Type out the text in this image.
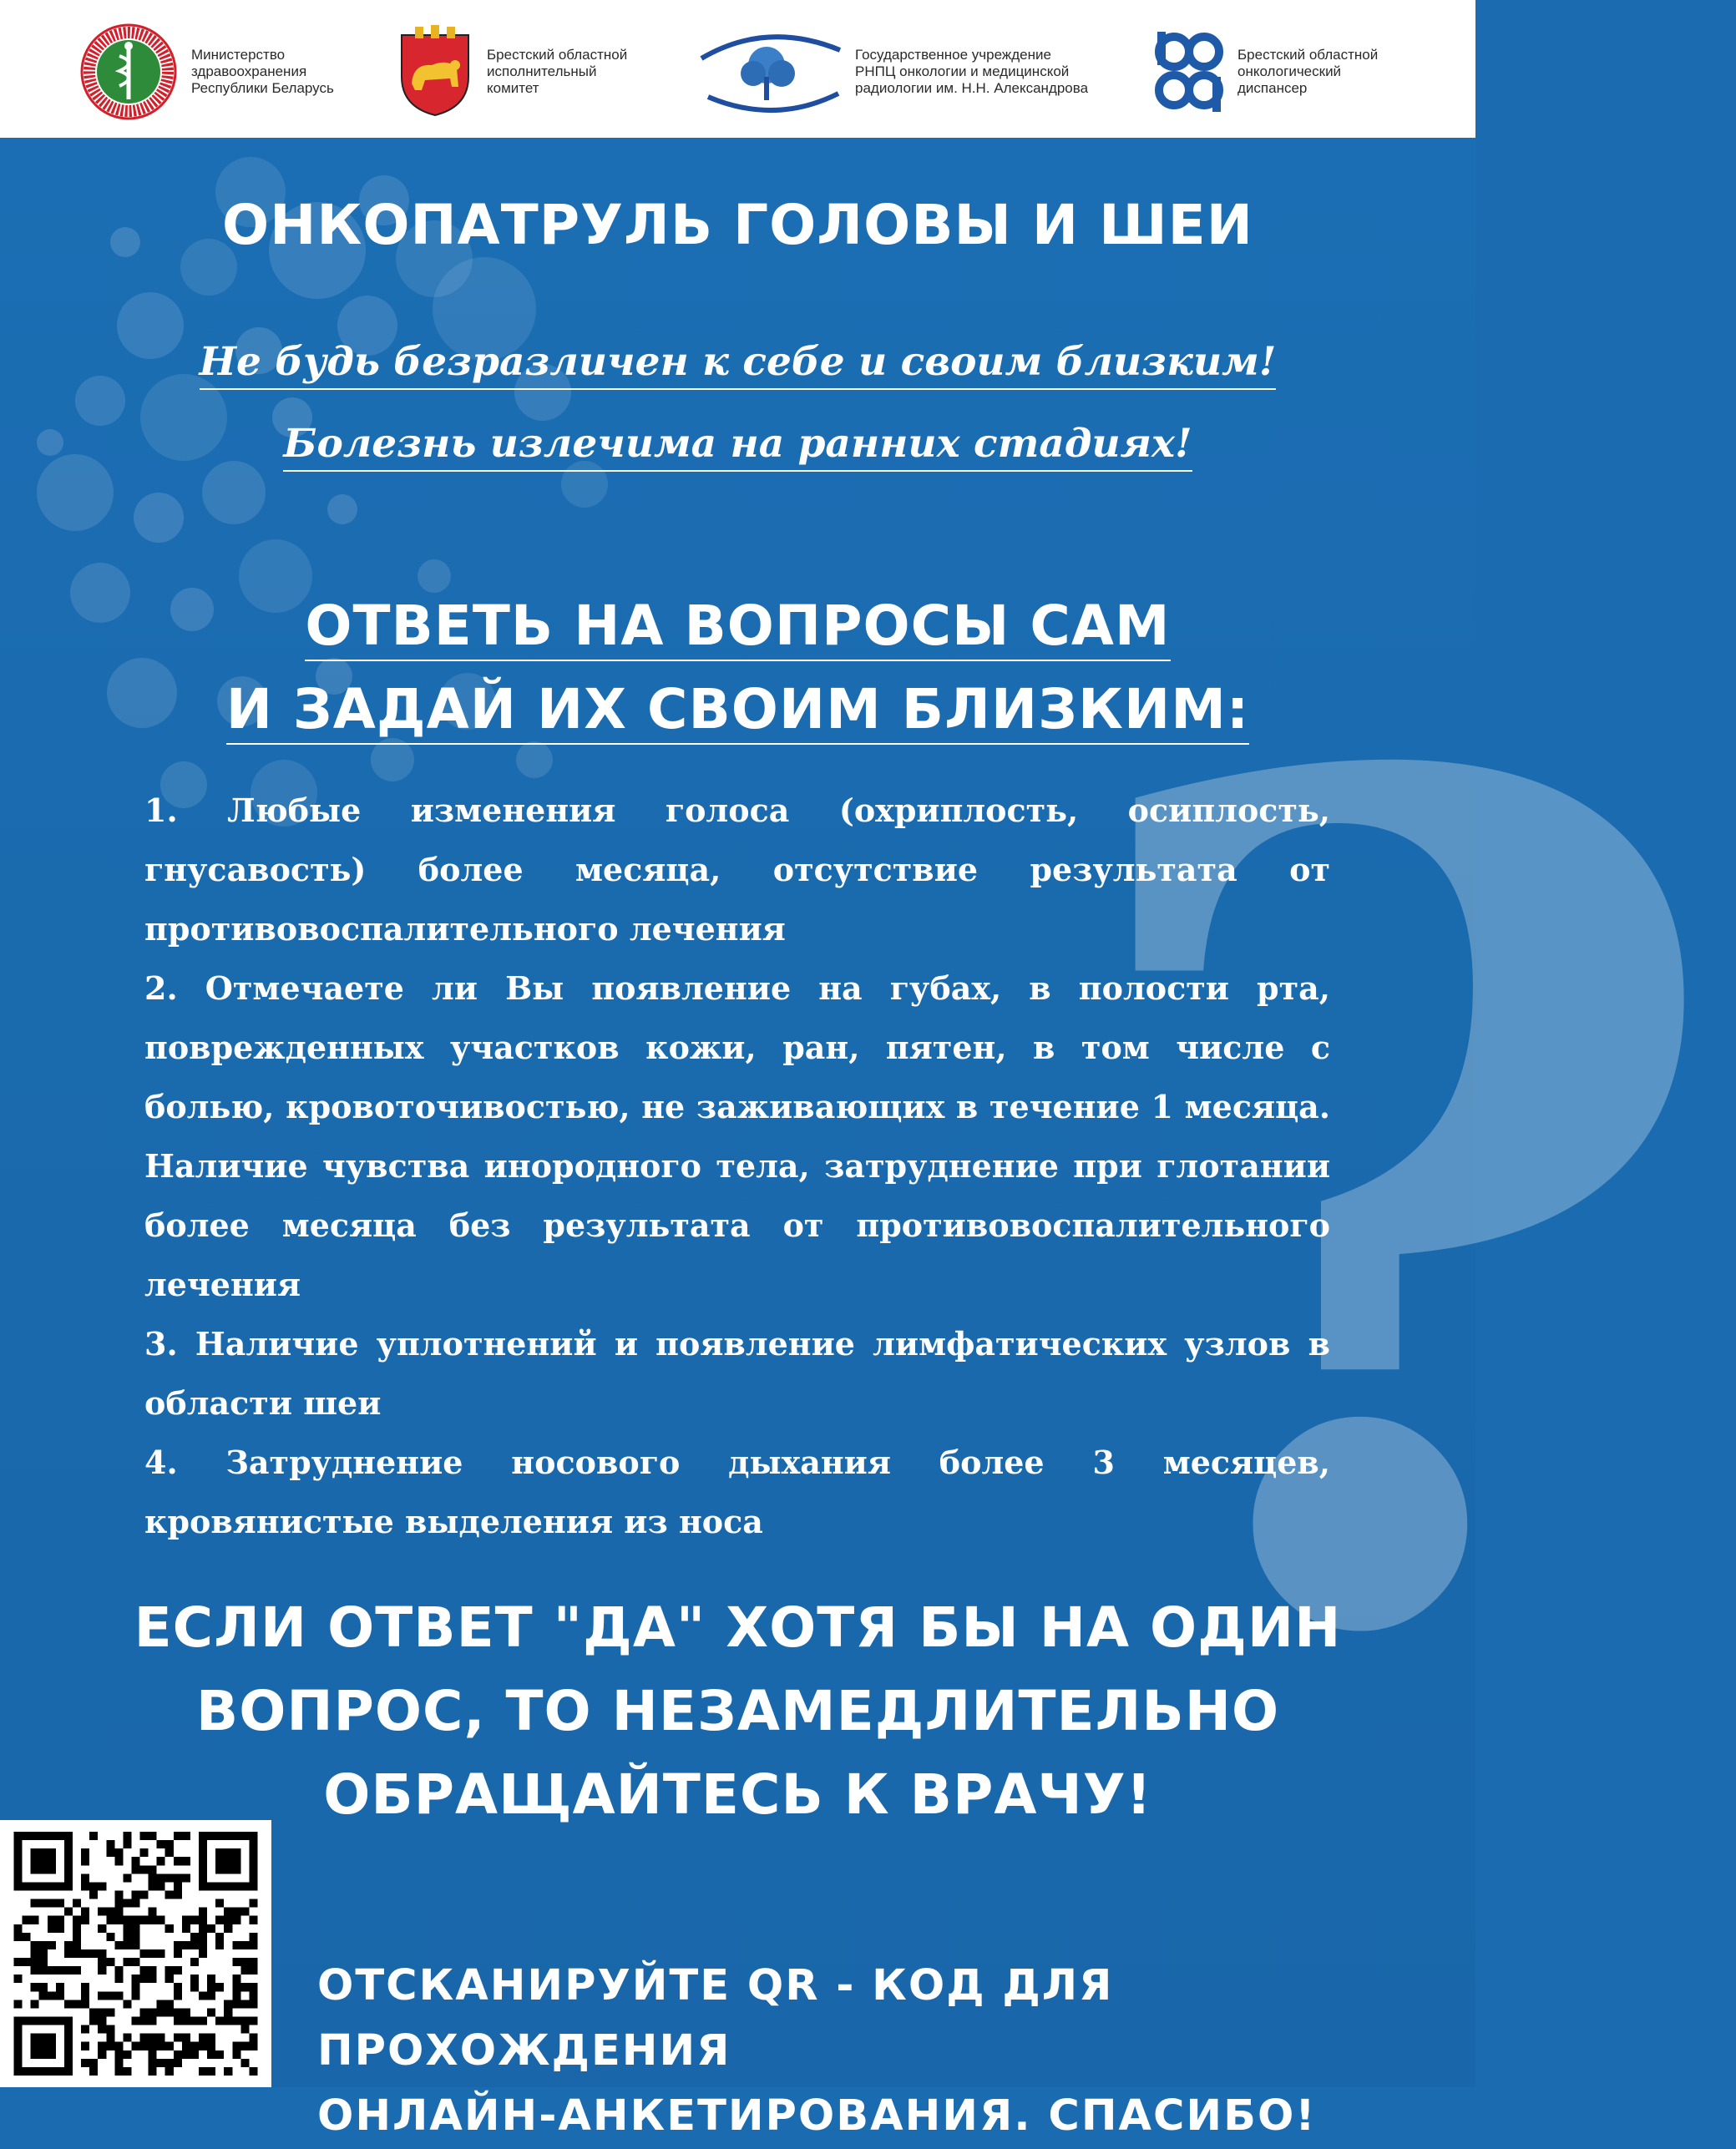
Министерство
здравоохранения
Республики Беларусь
Брестский областной
исполнительный
комитет
Государственное учреждение
РНПЦ онкологии и медицинской
радиологии им. Н.Н. Александрова
Брестский областной
онкологический
диспансер
?
ОНКОПАТРУЛЬ ГОЛОВЫ И ШЕИ
Не будь безразличен к себе и своим близким!
Болезнь излечима на ранних стадиях!
ОТВЕТЬ НА ВОПРОСЫ САМ
И ЗАДАЙ ИХ СВОИМ БЛИЗКИМ:

1. Любые изменения голоса (охриплость, осиплость, гнусавость) более месяца, отсутствие результата от противовоспалительного лечения

2. Отмечаете ли Вы появление на губах, в полости рта, поврежденных участков кожи, ран, пятен, в том числе с болью, кровоточивостью, не заживающих в течение 1 месяца. Наличие чувства инородного тела, затруднение при глотании более месяца без результата от противовоспалительного лечения

3. Наличие уплотнений и появление лимфатических узлов в области шеи

4. Затруднение носового дыхания более 3 месяцев, кровянистые выделения из носа

ЕСЛИ ОТВЕТ "ДА" ХОТЯ БЫ НА ОДИН
ВОПРОС, ТО НЕЗАМЕДЛИТЕЛЬНО
ОБРАЩАЙТЕСЬ К ВРАЧУ!
ОТСКАНИРУЙТЕ QR - КОД ДЛЯ ПРОХОЖДЕНИЯ
ОНЛАЙН-АНКЕТИРОВАНИЯ. СПАСИБО!
